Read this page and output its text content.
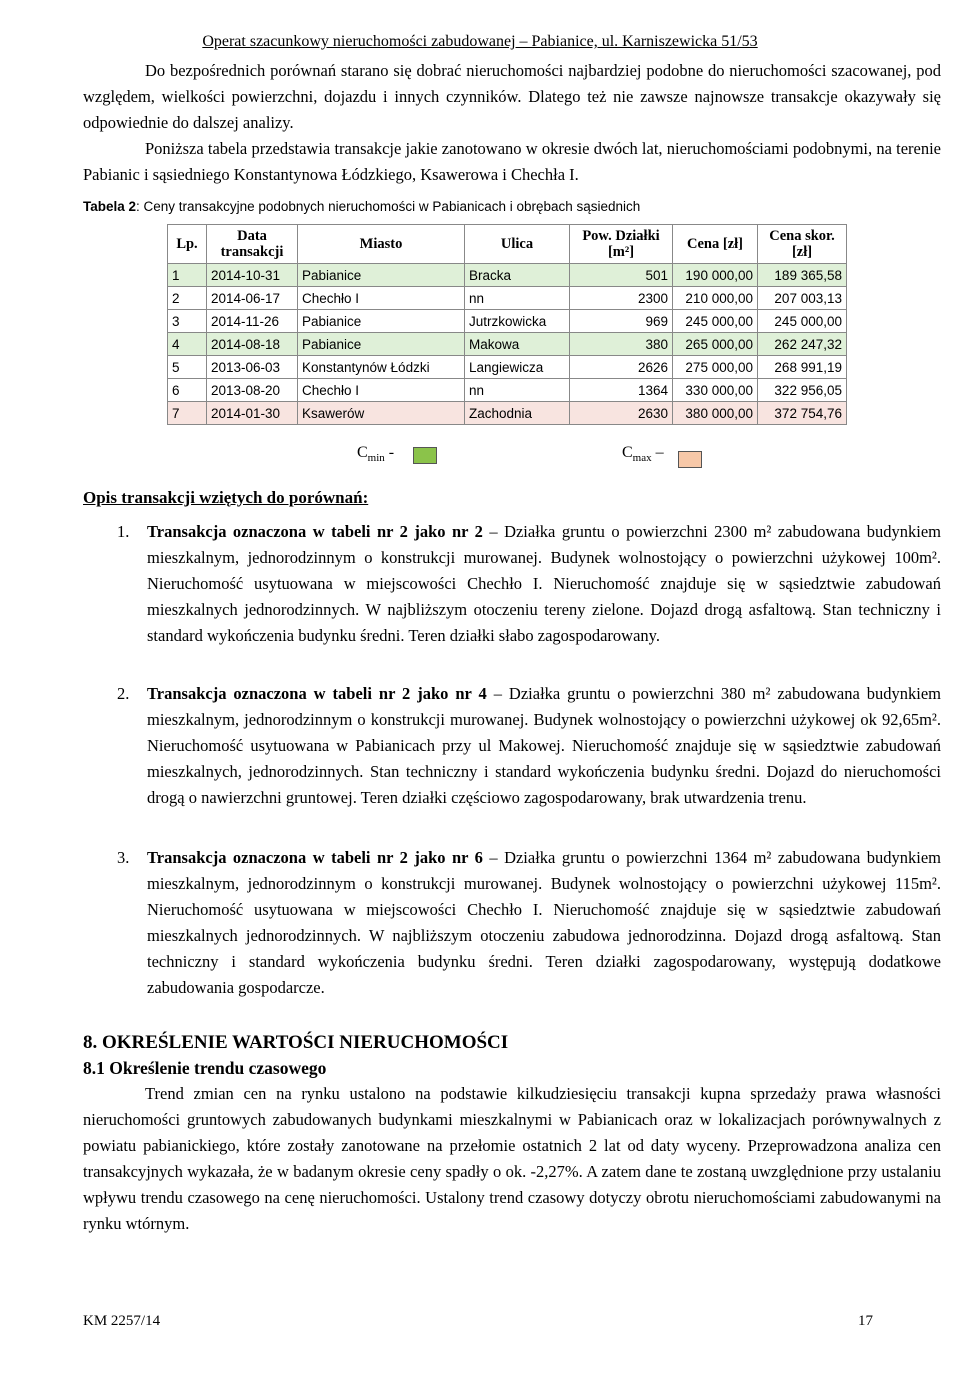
Operat szacunkowy nieruchomości zabudowanej – Pabianice, ul. Karniszewicka 51/53
Do bezpośrednich porównań starano się dobrać nieruchomości najbardziej podobne do nieruchomości szacowanej, pod względem, wielkości powierzchni, dojazdu i innych czynników. Dlatego też nie zawsze najnowsze transakcje okazywały się odpowiednie do dalszej analizy.
Poniższa tabela przedstawia transakcje jakie zanotowano w okresie dwóch lat, nieruchomościami podobnymi, na terenie Pabianic i sąsiedniego Konstantynowa Łódzkiego, Ksawerowa i Chechła I.
Tabela 2: Ceny transakcyjne podobnych nieruchomości w Pabianicach i obrębach sąsiednich
Lp.	Data transakcji	Miasto	Ulica	Pow. Działki [m²]	Cena [zł]	Cena skor. [zł]
1	2014-10-31	Pabianice	Bracka	501	190 000,00	189 365,58
2	2014-06-17	Chechło I	nn	2300	210 000,00	207 003,13
3	2014-11-26	Pabianice	Jutrzkowicka	969	245 000,00	245 000,00
4	2014-08-18	Pabianice	Makowa	380	265 000,00	262 247,32
5	2013-06-03	Konstantynów Łódzki	Langiewicza	2626	275 000,00	268 991,19
6	2013-08-20	Chechło I	nn	1364	330 000,00	322 956,05
7	2014-01-30	Ksawerów	Zachodnia	2630	380 000,00	372 754,76
$C_{min}$ -	$C_{max}$ –
Opis transakcji wziętych do porównań:
1. Transakcja oznaczona w tabeli nr 2 jako nr 2 – Działka gruntu o powierzchni 2300 m² zabudowana budynkiem mieszkalnym, jednorodzinnym o konstrukcji murowanej. Budynek wolnostojący o powierzchni użykowej 100m². Nieruchomość usytuowana w miejscowości Chechło I. Nieruchomość znajduje się w sąsiedztwie zabudowań mieszkalnych jednorodzinnych. W najbliższym otoczeniu tereny zielone. Dojazd drogą asfaltową. Stan techniczny i standard wykończenia budynku średni. Teren działki słabo zagospodarowany.
2. Transakcja oznaczona w tabeli nr 2 jako nr 4 – Działka gruntu o powierzchni 380 m² zabudowana budynkiem mieszkalnym, jednorodzinnym o konstrukcji murowanej. Budynek wolnostojący o powierzchni użykowej ok 92,65m². Nieruchomość usytuowana w Pabianicach przy ul Makowej. Nieruchomość znajduje się w sąsiedztwie zabudowań mieszkalnych, jednorodzinnych. Stan techniczny i standard wykończenia budynku średni. Dojazd do nieruchomości drogą o nawierzchni gruntowej. Teren działki częściowo zagospodarowany, brak utwardzenia trenu.
3. Transakcja oznaczona w tabeli nr 2 jako nr 6 – Działka gruntu o powierzchni 1364 m² zabudowana budynkiem mieszkalnym, jednorodzinnym o konstrukcji murowanej. Budynek wolnostojący o powierzchni użykowej 115m². Nieruchomość usytuowana w miejscowości Chechło I. Nieruchomość znajduje się w sąsiedztwie zabudowań mieszkalnych jednorodzinnych. W najbliższym otoczeniu zabudowa jednorodzinna. Dojazd drogą asfaltową. Stan techniczny i standard wykończenia budynku średni. Teren działki zagospodarowany, występują dodatkowe zabudowania gospodarcze.
8. OKREŚLENIE WARTOŚCI NIERUCHOMOŚCI
8.1 Określenie trendu czasowego
Trend zmian cen na rynku ustalono na podstawie kilkudziesięciu transakcji kupna sprzedaży prawa własności nieruchomości gruntowych zabudowanych budynkami mieszkalnymi w Pabianicach oraz w lokalizacjach porównywalnych z powiatu pabianickiego, które zostały zanotowane na przełomie ostatnich 2 lat od daty wyceny. Przeprowadzona analiza cen transakcyjnych wykazała, że w badanym okresie ceny spadły o ok. -2,27%. A zatem dane te zostaną uwzględnione przy ustalaniu wpływu trendu czasowego na cenę nieruchomości. Ustalony trend czasowy dotyczy obrotu nieruchomościami zabudowanymi na rynku wtórnym.
KM 2257/14	17
